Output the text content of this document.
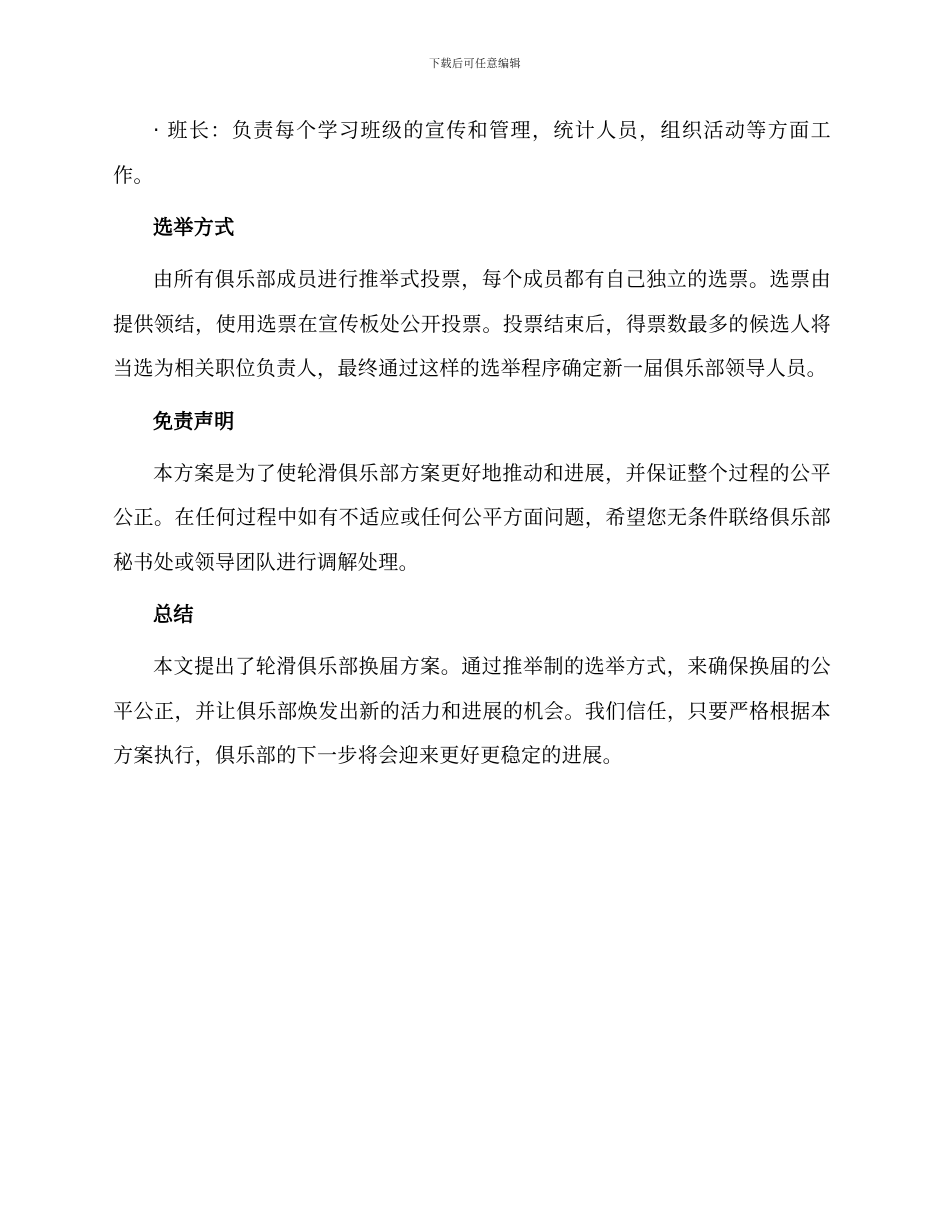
下载后可任意编辑

· 班长：负责每个学习班级的宣传和管理，统计人员，组织活动等方面工作。

选举方式

由所有俱乐部成员进行推举式投票，每个成员都有自己独立的选票。选票由提供领结，使用选票在宣传板处公开投票。投票结束后，得票数最多的候选人将当选为相关职位负责人，最终通过这样的选举程序确定新一届俱乐部领导人员。

免责声明

本方案是为了使轮滑俱乐部方案更好地推动和进展，并保证整个过程的公平公正。在任何过程中如有不适应或任何公平方面问题，希望您无条件联络俱乐部秘书处或领导团队进行调解处理。

总结

本文提出了轮滑俱乐部换届方案。通过推举制的选举方式，来确保换届的公平公正，并让俱乐部焕发出新的活力和进展的机会。我们信任，只要严格根据本方案执行，俱乐部的下一步将会迎来更好更稳定的进展。
